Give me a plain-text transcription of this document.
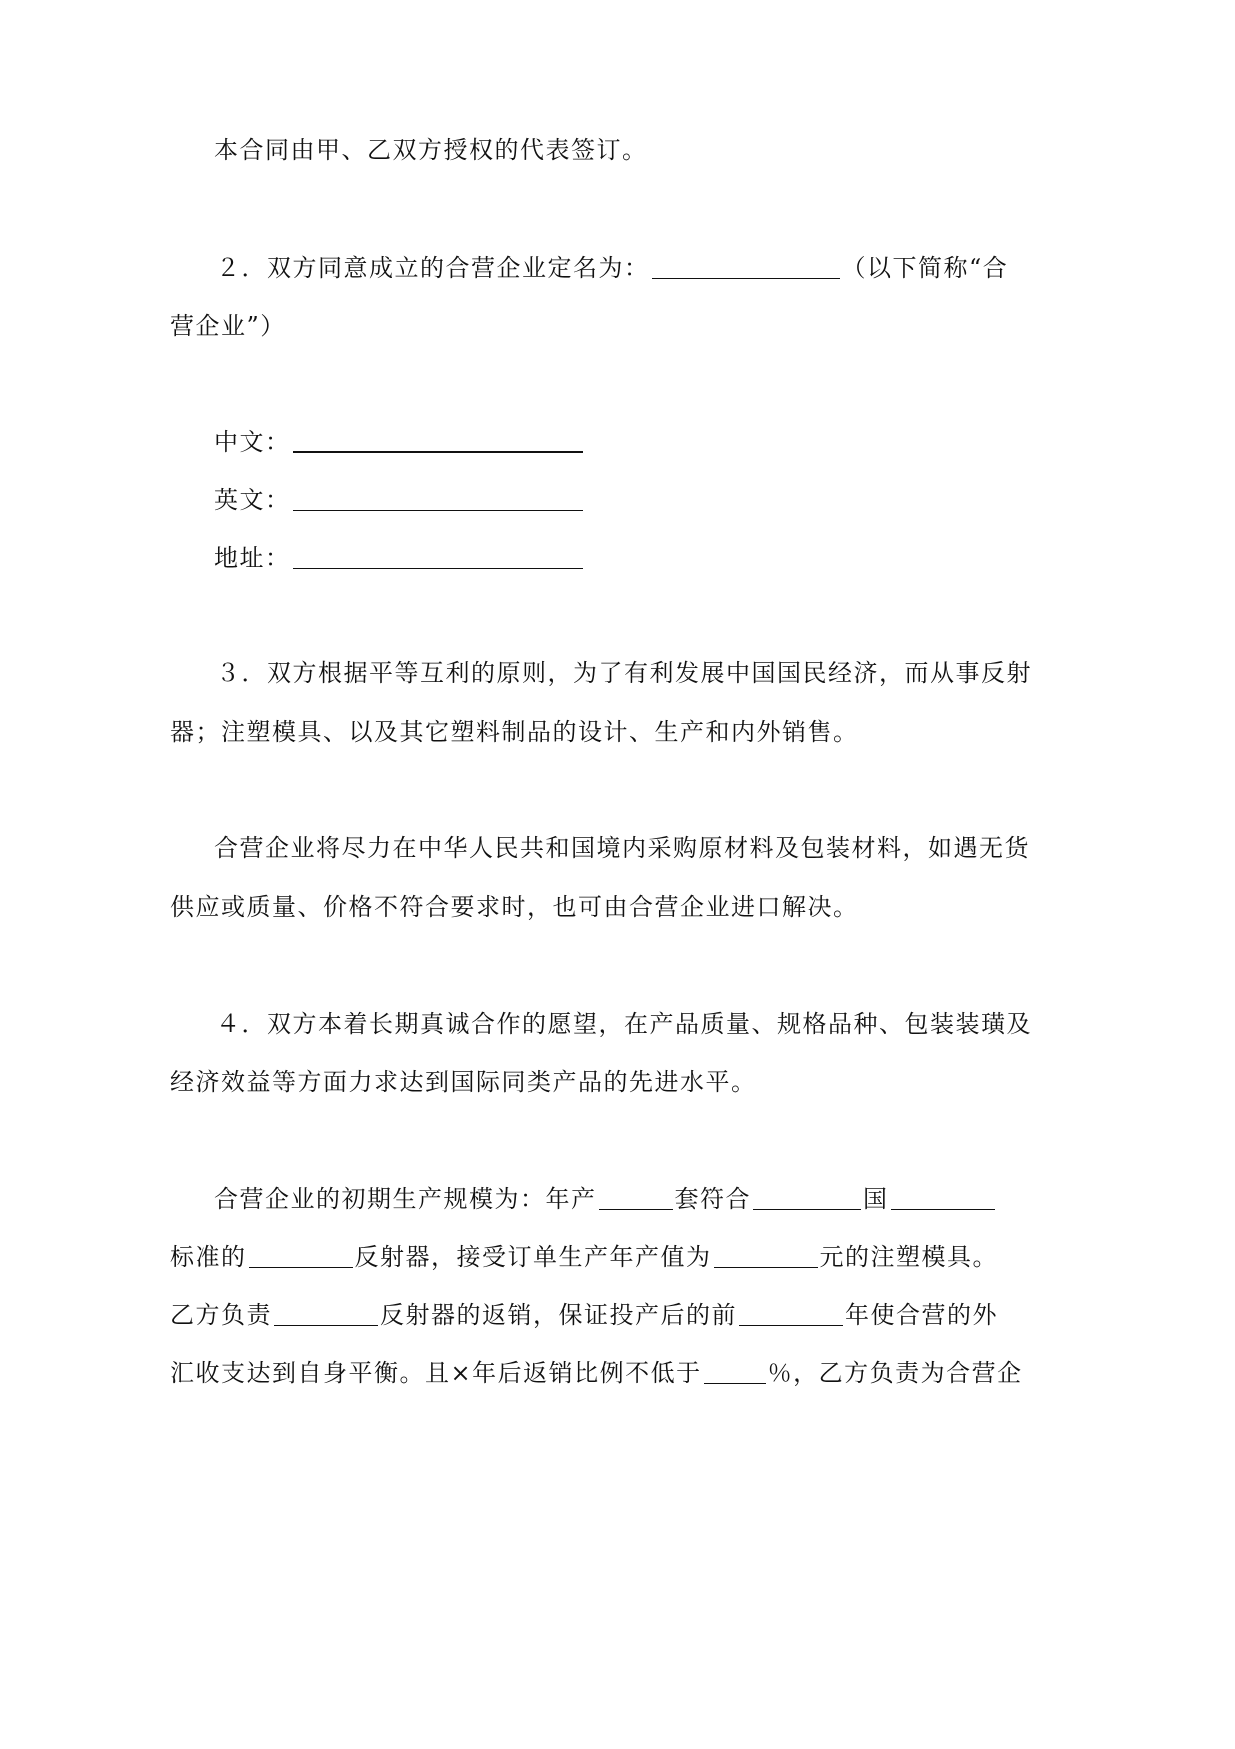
本合同由甲、乙双方授权的代表签订。
２．双方同意成立的合营企业定名为：	（以下简称“合
营企业”）
中文：
英文：
地址：
３．双方根据平等互利的原则，为了有利发展中国国民经济，而从事反射
器；注塑模具、以及其它塑料制品的设计、生产和内外销售。
合营企业将尽力在中华人民共和国境内采购原材料及包装材料，如遇无货
供应或质量、价格不符合要求时，也可由合营企业进口解决。
４．双方本着长期真诚合作的愿望，在产品质量、规格品种、包装装璜及
经济效益等方面力求达到国际同类产品的先进水平。
合营企业的初期生产规模为：年产	套符合	国
标准的	反射器，接受订单生产年产值为	元的注塑模具。
乙方负责	反射器的返销，保证投产后的前	年使合营的外
汇收支达到自身平衡。且×年后返销比例不低于	％，乙方负责为合营企
